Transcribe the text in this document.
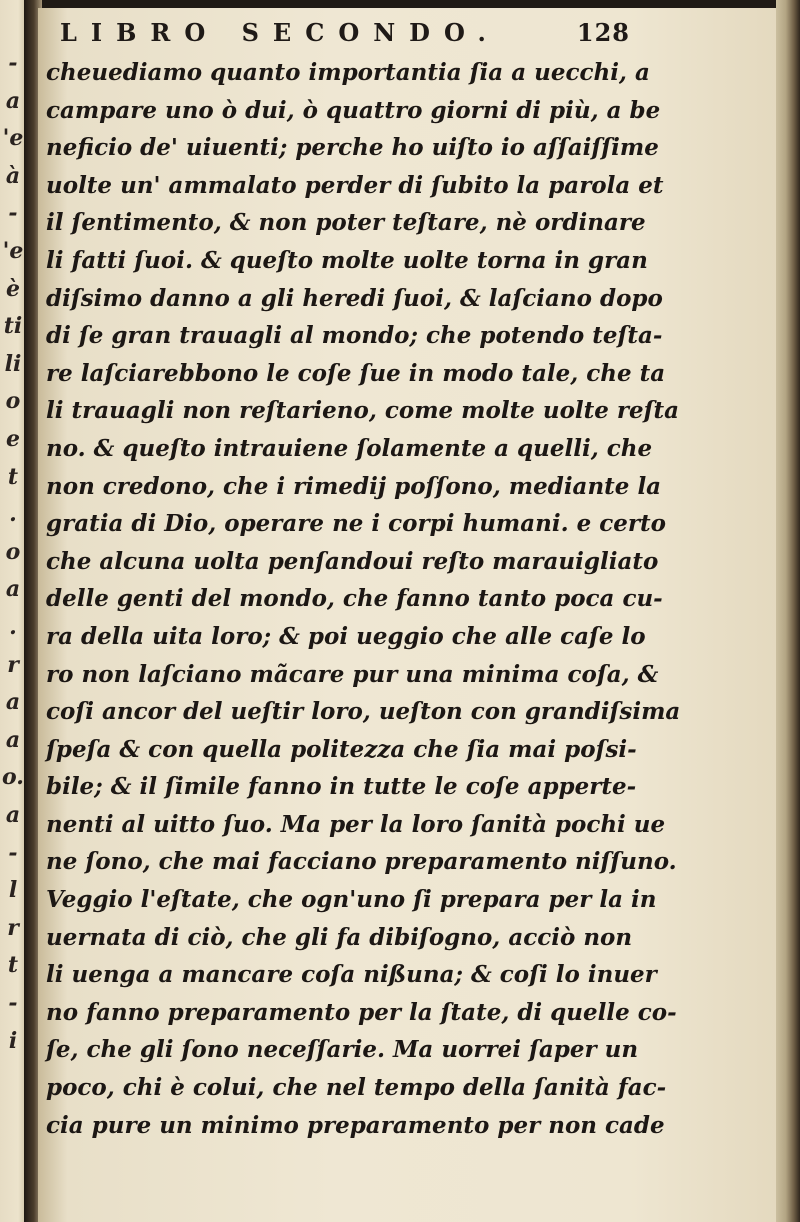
-
a
'e
à
-
'e
è
ti
li
o
e
t
.
o
a
.
r
a
a
o.
a
-
l
r
t
-
i
LIBRO SECONDO.	128
cheuediamo quanto importantia ſia a uecchi, a
campare uno ò dui, ò quattro giorni di più, a be
neficio de' uiuenti; perche ho uiſto io aſſaiſſime
uolte un' ammalato perder di ſubito la parola et
il ſentimento, & non poter teſtare, nè ordinare
li fatti ſuoi. & queſto molte uolte torna in gran
diſsimo danno a gli heredi ſuoi, & laſciano dopo
di ſe gran trauagli al mondo; che potendo teſta-
re laſciarebbono le coſe ſue in modo tale, che ta
li trauagli non reſtarieno, come molte uolte reſta
no. & queſto intrauiene ſolamente a quelli, che
non credono, che i rimedij poſſono, mediante la
gratia di Dio, operare ne i corpi humani. e certo
che alcuna uolta penſandoui reſto marauigliato
delle genti del mondo, che fanno tanto poca cu-
ra della uita loro; & poi ueggio che alle caſe lo
ro non laſciano mãcare pur una minima coſa, &
coſi ancor del ueſtir loro, ueſton con grandiſsima
ſpeſa & con quella politezza che ſia mai poſsi-
bile; & il ſimile fanno in tutte le coſe apperte-
nenti al uitto ſuo. Ma per la loro ſanità pochi ue
ne ſono, che mai facciano preparamento niſſuno.
Veggio l'eſtate, che ogn'uno ſi prepara per la in
uernata di ciò, che gli fa dibiſogno, acciò non
li uenga a mancare coſa nißuna; & coſi lo inuer
no fanno preparamento per la ſtate, di quelle co-
ſe, che gli ſono neceſſarie. Ma uorrei ſaper un
poco, chi è colui, che nel tempo della ſanità fac-
cia pure un minimo preparamento per non cade
